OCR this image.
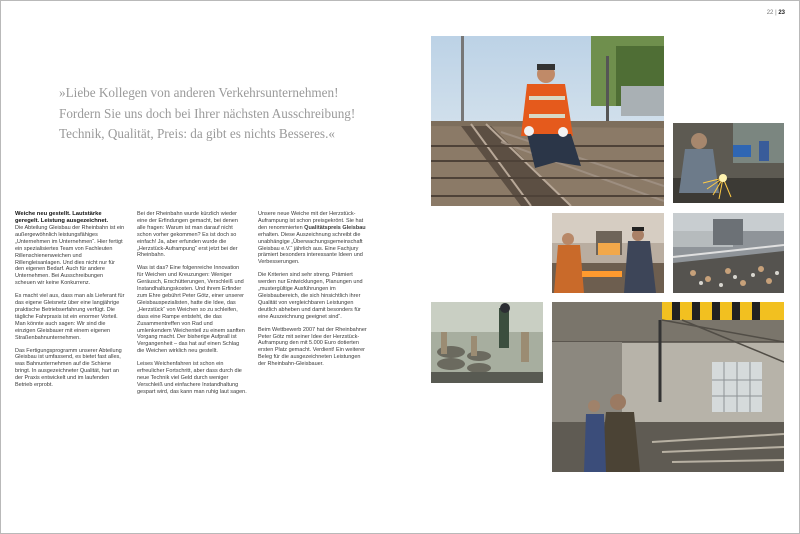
22 | 23
»Liebe Kollegen von anderen Verkehrsunternehmen! Fordern Sie uns doch bei Ihrer nächsten Ausschreibung! Technik, Qualität, Preis: da gibt es nichts Besseres.«
Weiche neu gestellt. Lautstärke geregelt. Leistung ausgezeichnet.

Die Abteilung Gleisbau der Rheinbahn ist ein außergewöhnlich leistungsfähiges „Unternehmen im Unternehmen“. Hier fertigt ein spezialisiertes Team von Fachleuten Rillenschienenweichen und Rillengleisanlagen. Und dies nicht nur für den eigenen Bedarf. Auch für andere Unternehmen. Bei Ausschreibungen scheuen wir keine Konkurrenz.

Es macht viel aus, dass man als Lieferant für das eigene Gleisnetz über eine langjährige praktische Betriebserfahrung verfügt. Die tägliche Fahrpraxis ist ein enormer Vorteil. Man könnte auch sagen: Wir sind die einzigen Gleisbauer mit einem eigenen Straßenbahnunternehmen.

Das Fertigungsprogramm unserer Abteilung Gleisbau ist umfassend, es bietet fast alles, was Bahnunternehmen auf die Schiene bringt. In ausgezeichneter Qualität, hart an der Praxis entwickelt und im laufenden Betrieb erprobt.

Bei der Rheinbahn wurde kürzlich wieder eine der Erfindungen gemacht, bei denen alle fragen: Warum ist man darauf nicht schon vorher gekommen? Es ist doch so einfach! Ja, aber erfunden wurde die „Herzstück-Auframpung“ erst jetzt bei der Rheinbahn.

Was ist das? Eine folgenreiche Innovation für Weichen und Kreuzungen: Weniger Geräusch, Erschütterungen, Verschleiß und Instandhaltungskosten. Und ihrem Erfinder zum Ehre gebührt Peter Götz, einer unserer Gleisbauspezialisten, hatte die Idee, das „Herzstück“ von Weichen so zu schleifen, dass eine Rampe entsteht, die das Zusammentreffen von Rad und umlenkendem Weichenteil zu einem sanften Vorgang macht. Der bisherige Aufprall ist Vergangenheit – das hat auf einen Schlag die Weichen wirklich neu gestellt.

Leises Weichenfahren ist schon ein erfreulicher Fortschritt, aber dass durch die neue Technik viel Geld durch weniger Verschleiß und einfachere Instandhaltung gespart wird, das kann man ruhig laut sagen.

Unsere neue Weiche mit der Herzstück-Auframpung ist schon preisgekrönt. Sie hat den renommierten Qualitätspreis Gleisbau erhalten. Diese Auszeichnung schreibt die unabhängige „Überwachungsgemeinschaft Gleisbau e.V.“ jährlich aus. Eine Fachjury prämiert besonders interessante Ideen und Verbesserungen.

Die Kriterien sind sehr streng. Prämiert werden nur Entwicklungen, Planungen und „mustergültige Ausführungen im Gleisbaubereich, die sich hinsichtlich ihrer Qualität von vergleichbaren Leistungen deutlich abheben und damit besonders für eine Auszeichnung geeignet sind“.

Beim Wettbewerb 2007 hat der Rheinbahner Peter Götz mit seiner Idee der Herzstück-Auframpung den mit 5.000 Euro dotierten ersten Platz gemacht. Verdient! Ein weiterer Beleg für die ausgezeichneten Leistungen der Rheinbahn-Gleisbauer.
